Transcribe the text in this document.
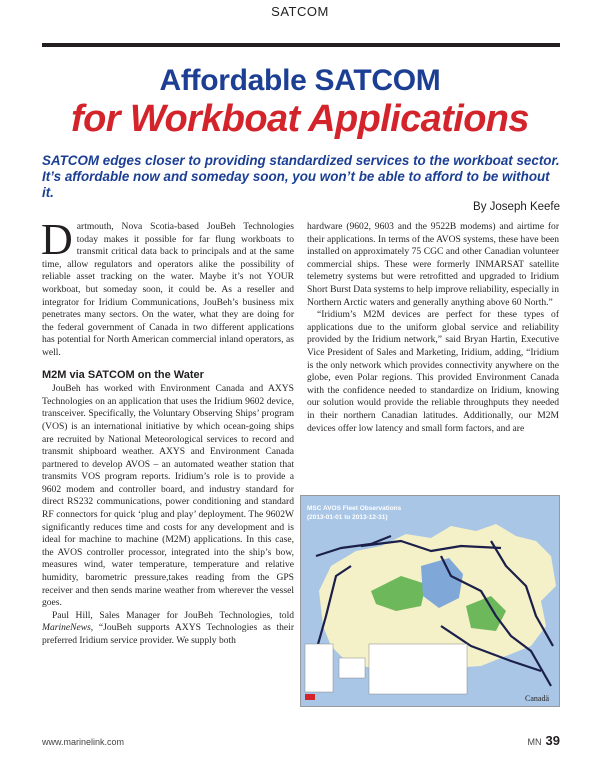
SATCOM
Affordable SATCOM
for Workboat Applications
SATCOM edges closer to providing standardized services to the workboat sector. It’s affordable now and someday soon, you won’t be able to afford to be without it.
By Joseph Keefe

Dartmouth, Nova Scotia-based JouBeh Technologies today makes it possible for far flung workboats to transmit critical data back to principals and at the same time, allow regulators and operators alike the possibility of reliable asset tracking on the water. Maybe it’s not YOUR workboat, but someday soon, it could be. As a reseller and integrator for Iridium Communications, JouBeh’s business mix penetrates many sectors. On the water, what they are doing for the federal government of Canada in two different applications has potential for North American commercial inland operators, as well.

M2M via SATCOM on the Water

JouBeh has worked with Environment Canada and AXYS Technologies on an application that uses the Iridium 9602 device, transceiver. Specifically, the Voluntary Observing Ships’ program (VOS) is an international initiative by which ocean-going ships are recruited by National Meteorological services to record and transmit shipboard weather. AXYS and Environment Canada partnered to develop AVOS – an automated weather station that transmits VOS program reports. Iridium’s role is to provide a 9602 modem and controller board, and industry standard for direct RS232 communications, power conditioning and standard RF connectors for quick ‘plug and play’ deployment. The 9602W significantly reduces time and costs for any development and is ideal for machine to machine (M2M) applications. In this case, the AVOS controller processor, integrated into the ship’s bow, measures wind, water temperature, temperature and relative humidity, barometric pressure,takes reading from the GPS receiver and then sends marine weather from wherever the vessel goes.

Paul Hill, Sales Manager for JouBeh Technologies, told MarineNews, “JouBeh supports AXYS Technologies as their preferred Iridium service provider. We supply both

hardware (9602, 9603 and the 9522B modems) and airtime for their applications. In terms of the AVOS systems, these have been installed on approximately 75 CGC and other Canadian volunteer commercial ships. These were formerly INMARSAT satellite telemetry systems but were retrofitted and upgraded to Iridium Short Burst Data systems to help improve reliability, especially in Northern Arctic waters and generally anything above 60 North.”

“Iridium’s M2M devices are perfect for these types of applications due to the uniform global service and reliability provided by the Iridium network,” said Bryan Hartin, Executive Vice President of Sales and Marketing, Iridium, adding, “Iridium is the only network which provides connectivity anywhere on the globe, even Polar regions. This provided Environment Canada with the confidence needed to standardize on Iridium, knowing our solution would provide the reliable throughputs they needed in their northern Canadian latitudes. Additionally, our M2M devices offer low latency and small form factors, and are

MSC AVOS Fleet Observations
(2013-01-01 to 2013-12-31)
Canadä
www.marinelink.com	MN 39
